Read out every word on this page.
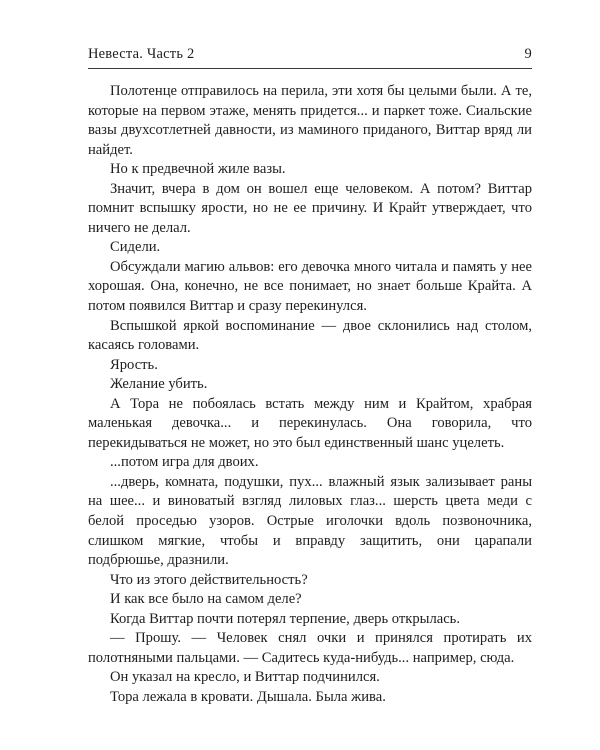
Невеста. Часть 2	9

Полотенце отправилось на перила, эти хотя бы целыми были. А те, которые на первом этаже, менять придется... и паркет тоже. Сиальские вазы двухсотлетней давности, из маминого приданого, Виттар вряд ли найдет.

Но к предвечной жиле вазы.

Значит, вчера в дом он вошел еще человеком. А потом? Виттар помнит вспышку ярости, но не ее причину. И Крайт утверждает, что ничего не делал.

Сидели.

Обсуждали магию альвов: его девочка много читала и память у нее хорошая. Она, конечно, не все понимает, но знает больше Крайта. А потом появился Виттар и сразу перекинулся.

Вспышкой яркой воспоминание — двое склонились над столом, касаясь головами.

Ярость.

Желание убить.

А Тора не побоялась встать между ним и Крайтом, храбрая маленькая девочка... и перекинулась. Она говорила, что перекидываться не может, но это был единственный шанс уцелеть.

...потом игра для двоих.

...дверь, комната, подушки, пух... влажный язык зализывает раны на шее... и виноватый взгляд лиловых глаз... шерсть цвета меди с белой проседью узоров. Острые иголочки вдоль позвоночника, слишком мягкие, чтобы и вправду защитить, они царапали подбрюшье, дразнили.

Что из этого действительность?

И как все было на самом деле?

Когда Виттар почти потерял терпение, дверь открылась.

— Прошу. — Человек снял очки и принялся протирать их полотняными пальцами. — Садитесь куда-нибудь... например, сюда.

Он указал на кресло, и Виттар подчинился.

Тора лежала в кровати. Дышала. Была жива.
